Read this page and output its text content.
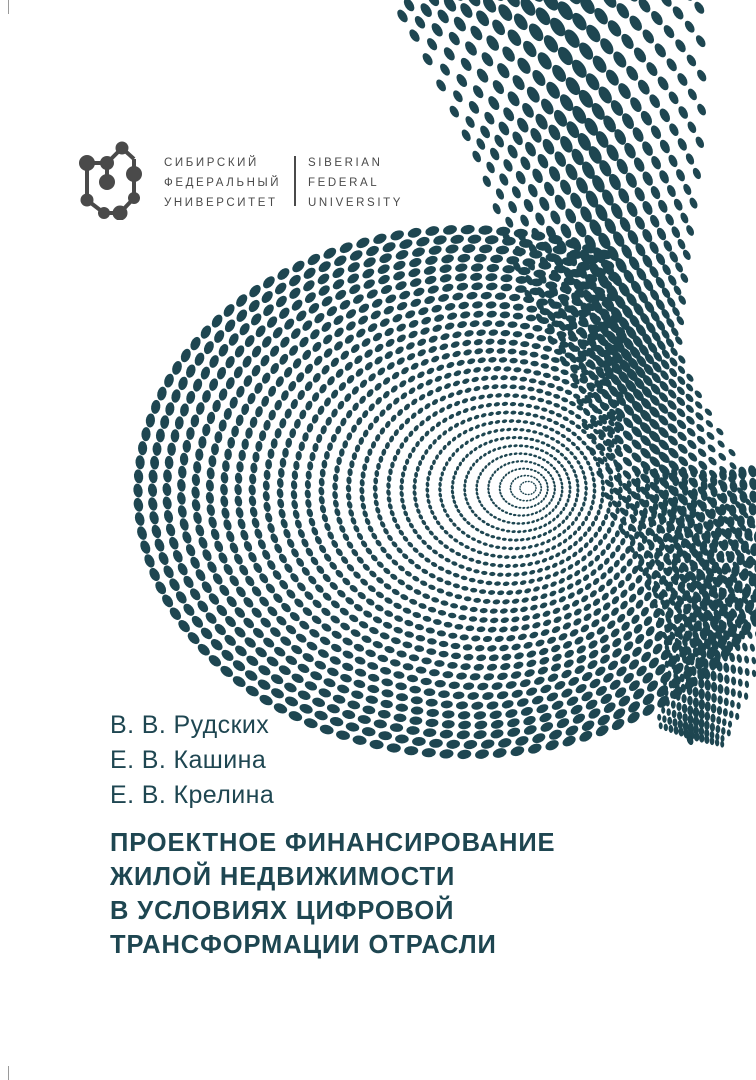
СИБИРСКИЙ
ФЕДЕРАЛЬНЫЙ
УНИВЕРСИТЕТ
SIBERIAN
FEDERAL
UNIVERSITY
В. В. Рудских
Е. В. Кашина
Е. В. Крелина
ПРОЕКТНОЕ ФИНАНСИРОВАНИЕ
ЖИЛОЙ НЕДВИЖИМОСТИ
В УСЛОВИЯХ ЦИФРОВОЙ
ТРАНСФОРМАЦИИ ОТРАСЛИ
